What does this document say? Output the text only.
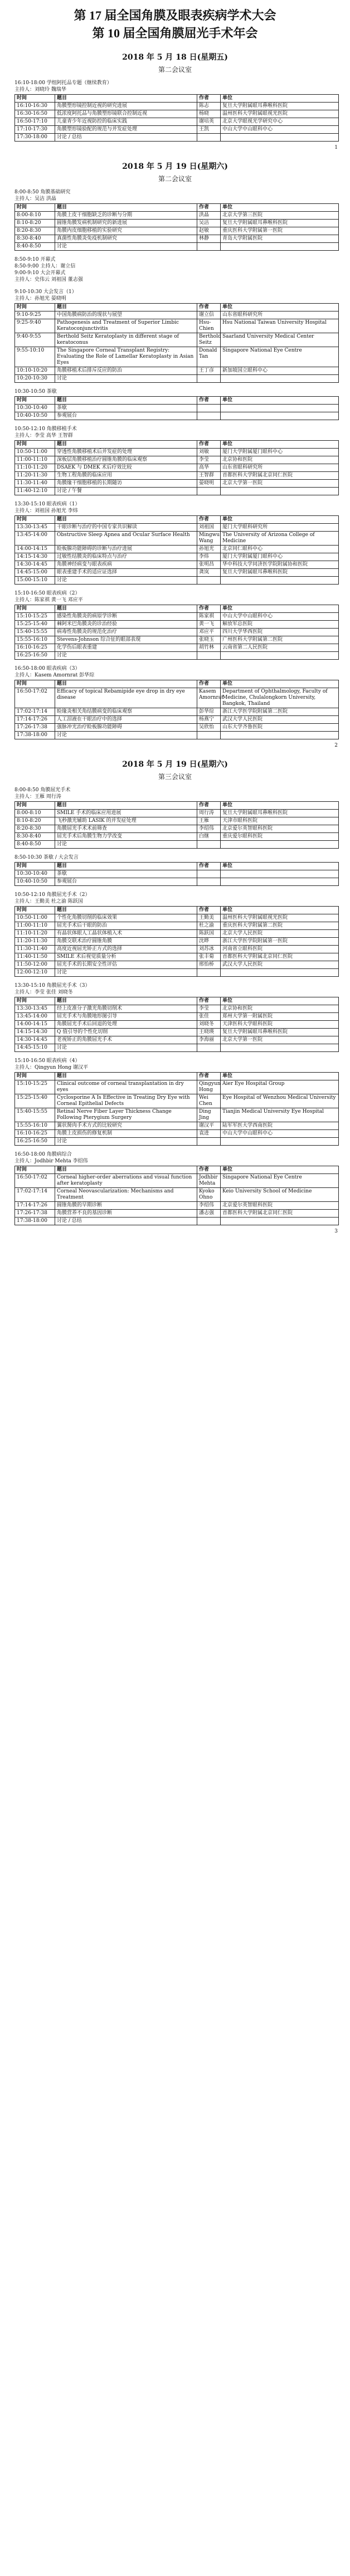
第 17 届全国角膜及眼表疾病学术大会
第 10 届全国角膜屈光手术年会
2018 年 5 月 18 日(星期五)
第二会议室
16:10-18:00 学组阿托品专题（继续教育）
主持人：刘晓玲 魏瑞华
时间	题目	作者	单位
16:10-16:30	角膜塑形镜控制近视的研究进展	陈志	复旦大学附属眼耳鼻喉科医院
16:30-16:50	低浓度阿托品与角膜塑形镜联合控制近视	杨晓	温州医科大学附属眼视光医院
16:50-17:10	儿童青少年近视防控的临床实践	谢培英	北京大学眼视光学研究中心
17:10-17:30	角膜塑形镜验配的规范与并发症处理	王凯	中山大学中山眼科中心
17:30-18:00	讨论 / 总结		
1
2018 年 5 月 19 日(星期六)
第二会议室
8:00-8:50 角膜基础研究
主持人：吴洁 洪晶
时间	题目	作者	单位
8:00-8:10	角膜上皮干细胞缺乏的诊断与分期	洪晶	北京大学第三医院
8:10-8:20	圆锥角膜发病机制研究的新进展	吴洁	复旦大学附属眼耳鼻喉科医院
8:20-8:30	角膜内皮细胞移植的实验研究	赵敏	重庆医科大学附属第一医院
8:30-8:40	真菌性角膜炎免疫机制研究	林静	青岛大学附属医院
8:40-8:50	讨论		
8:50-9:10 开幕式
8:50-9:00 主持人：谢立信
9:00-9:10 大会开幕式
主持人：史伟云 刘祖国 董志强
9:10-10:30 大会发言（1）
主持人：孙旭光 晏晓明
时间	题目	作者	单位
9:10-9:25	中国角膜病防治的现状与展望	谢立信	山东省眼科研究所
9:25-9:40	Pathogenesis and Treatment of Superior Limbic Keratoconjunctivitis	Hsu-Chien	Hsu National Taiwan University Hospital
9:40-9:55	Berthold Seitz Keratoplasty in different stage of keratoconus	Berthold Seitz	Saarland University Medical Center
9:55-10:10	The Singapore Corneal Transplant Registry: Evaluating the Role of Lamellar Keratoplasty in Asian Eyes	Donald Tan	Singapore National Eye Centre
10:10-10:20	角膜移植术后排斥反应的防治	王丁彦	新加坡国立眼科中心
10:20-10:30	讨论		
10:30-10:50 茶歇
时间	题目	作者	单位
10:30-10:40	茶歇		
10:40-10:50	参观展台		
10:50-12:10 角膜移植手术
主持人：李莹 高华 王智群
时间	题目	作者	单位
10:50-11:00	穿透性角膜移植术后并发症的处理	刘敏	厦门大学附属厦门眼科中心
11:00-11:10	深板层角膜移植治疗圆锥角膜的临床观察	李莹	北京协和医院
11:10-11:20	DSAEK 与 DMEK 术后疗效比较	高华	山东省眼科研究所
11:20-11:30	生物工程角膜的临床应用	王智群	首都医科大学附属北京同仁医院
11:30-11:40	角膜缘干细胞移植的长期随访	晏晓明	北京大学第一医院
11:40-12:10	讨论 / 午餐		
13:30-15:10 眼表疾病（1）
主持人：刘祖国 孙旭光 李炜
时间	题目	作者	单位
13:30-13:45	干眼诊断与治疗的中国专家共识解读	刘祖国	厦门大学眼科研究所
13:45-14:00	Obstructive Sleep Apnea and Ocular Surface Health	Mingwu Wang	The University of Arizona College of Medicine
14:00-14:15	睑板腺功能障碍的诊断与治疗进展	孙旭光	北京同仁眼科中心
14:15-14:30	过敏性结膜炎的临床特点与治疗	李炜	厦门大学附属厦门眼科中心
14:30-14:45	角膜神经病变与眼表疾病	张明昌	华中科技大学同济医学院附属协和医院
14:45-15:00	眼表重建手术的适应证选择	龚岚	复旦大学附属眼耳鼻喉科医院
15:00-15:10	讨论		
15:10-16:50 眼表疾病（2）
主持人：陈家祺 黄一飞 邓应平
时间	题目	作者	单位
15:10-15:25	感染性角膜炎的病原学诊断	陈家祺	中山大学中山眼科中心
15:25-15:40	棘阿米巴角膜炎的诊治经验	黄一飞	解放军总医院
15:40-15:55	病毒性角膜炎的规范化治疗	邓应平	四川大学华西医院
15:55-16:10	Stevens-Johnson 综合征的眼部表现	张晓玉	广州医科大学附属第二医院
16:10-16:25	化学伤后眼表重建	胡竹林	云南省第二人民医院
16:25-16:50	讨论		
16:50-18:00 眼表疾病（3）
主持人：Kasem Amornrat 彭华琮
时间	题目	作者	单位
16:50-17:02	Efficacy of topical Rebamipide eye drop in dry eye disease	Kasem Amornrat	Department of Ophthalmology, Faculty of Medicine, Chulalongkorn University, Bangkok, Thailand
17:02-17:14	睑缘炎相关角结膜病变的临床观察	彭华琮	浙江大学医学院附属第二医院
17:14-17:26	人工泪液在干眼治疗中的选择	杨燕宁	武汉大学人民医院
17:26-17:38	强脉冲光治疗睑板腺功能障碍	吴欣怡	山东大学齐鲁医院
17:38-18:00	讨论		
2
2018 年 5 月 19 日(星期六)
第三会议室
8:00-8:50 角膜屈光手术
主持人：王雁 周行涛
时间	题目	作者	单位
8:00-8:10	SMILE 手术的临床应用进展	周行涛	复旦大学附属眼耳鼻喉科医院
8:10-8:20	飞秒激光辅助 LASIK 的并发症处理	王雁	天津市眼科医院
8:20-8:30	角膜屈光手术术前筛查	李绍伟	北京爱尔英智眼科医院
8:30-8:40	屈光手术后角膜生物力学改变	白继	重庆爱尔眼科医院
8:40-8:50	讨论		
8:50-10:30 茶歇 / 大会发言
时间	题目	作者	单位
10:30-10:40	茶歇		
10:40-10:50	参观展台		
10:50-12:10 角膜屈光手术（2）
主持人：王勤美 杜之渝 陈跃国
时间	题目	作者	单位
10:50-11:00	个性化角膜切削的临床效果	王勤美	温州医科大学附属眼视光医院
11:00-11:10	屈光手术后干眼的防治	杜之渝	重庆医科大学附属第二医院
11:10-11:20	有晶状体眼人工晶状体植入术	陈跃国	北京大学人民医院
11:20-11:30	角膜交联术治疗圆锥角膜	沈晔	浙江大学医学院附属第一医院
11:30-11:40	高度近视屈光矫正方式的选择	刘苏冰	河南省立眼科医院
11:40-11:50	SMILE 术后视觉质量分析	张丰菊	首都医科大学附属北京同仁医院
11:50-12:00	屈光手术的长期安全性评估	邢怡桥	武汉大学人民医院
12:00-12:10	讨论		
13:30-15:10 角膜屈光手术（3）
主持人：李莹 张佳 刘晓冬
时间	题目	作者	单位
13:30-13:45	经上皮准分子激光角膜切削术	李莹	北京协和医院
13:45-14:00	屈光手术与角膜地形图引导	张佳	郑州大学第一附属医院
14:00-14:15	角膜屈光手术后回退的处理	刘晓冬	天津医科大学眼科医院
14:15-14:30	Q 值引导的个性化切削	王晓瑛	复旦大学附属眼耳鼻喉科医院
14:30-14:45	老视矫正的角膜屈光手术	李海丽	北京大学第一医院
14:45-15:10	讨论		
15:10-16:50 眼表疾病（4）
主持人：Qingyun Hong 谢汉平
时间	题目	作者	单位
15:10-15:25	Clinical outcome of corneal transplantation in dry eyes	Qingyun Hong	Aier Eye Hospital Group
15:25-15:40	Cyclosporine A Is Effective in Treating Dry Eye with Corneal Epithelial Defects	Wei Chen	Eye Hospital of Wenzhou Medical University
15:40-15:55	Retinal Nerve Fiber Layer Thickness Change Following Pterygium Surgery	Ding Jing	Tianjin Medical University Eye Hospital
15:55-16:10	翼状胬肉手术方式的比较研究	谢汉平	陆军军医大学西南医院
16:10-16:25	角膜上皮损伤的修复机制	袁进	中山大学中山眼科中心
16:25-16:50	讨论		
16:50-18:00 角膜病综合
主持人：Jodhbir Mehta 李绍伟
时间	题目	作者	单位
16:50-17:02	Corneal higher-order aberrations and visual function after keratoplasty	Jodhbir Mehta	Singapore National Eye Centre
17:02-17:14	Corneal Neovascularization: Mechanisms and Treatment	Kyoko Ohno	Keio University School of Medicine
17:14-17:26	圆锥角膜的早期诊断	李绍伟	北京爱尔英智眼科医院
17:26-17:38	角膜营养不良的基因诊断	潘志强	首都医科大学附属北京同仁医院
17:38-18:00	讨论 / 总结		
3
